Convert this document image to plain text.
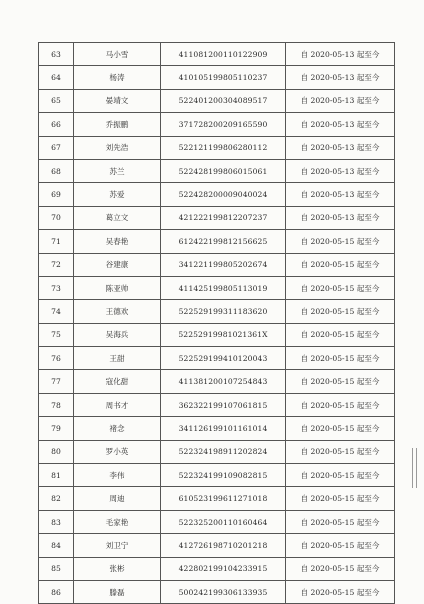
63	马小雪	411081200110122909	自 2020-05-13 起至今
64	杨涛	410105199805110237	自 2020-05-13 起至今
65	晏靖文	522401200304089517	自 2020-05-13 起至今
66	乔振鹏	371728200209165590	自 2020-05-13 起至今
67	刘先浩	522121199806280112	自 2020-05-13 起至今
68	苏兰	522428199806015061	自 2020-05-13 起至今
69	苏爱	522428200009040024	自 2020-05-13 起至今
70	葛立文	421222199812207237	自 2020-05-13 起至今
71	吴春艳	612422199812156625	自 2020-05-15 起至今
72	谷建康	341221199805202674	自 2020-05-15 起至今
73	陈亚帅	411425199805113019	自 2020-05-15 起至今
74	王德欢	522529199311183620	自 2020-05-15 起至今
75	吴海兵	52252919981021361X	自 2020-05-15 起至今
76	王甜	522529199410120043	自 2020-05-15 起至今
77	寇化甜	411381200107254843	自 2020-05-15 起至今
78	周书才	362322199107061815	自 2020-05-15 起至今
79	褚念	341126199101161014	自 2020-05-15 起至今
80	罗小英	522324198911202824	自 2020-05-15 起至今
81	李伟	522324199109082815	自 2020-05-15 起至今
82	周迪	610523199611271018	自 2020-05-15 起至今
83	毛家艳	522325200110160464	自 2020-05-15 起至今
84	刘卫宁	412726198710201218	自 2020-05-15 起至今
85	张彬	422802199104233915	自 2020-05-15 起至今
86	滕磊	500242199306133935	自 2020-05-15 起至今
